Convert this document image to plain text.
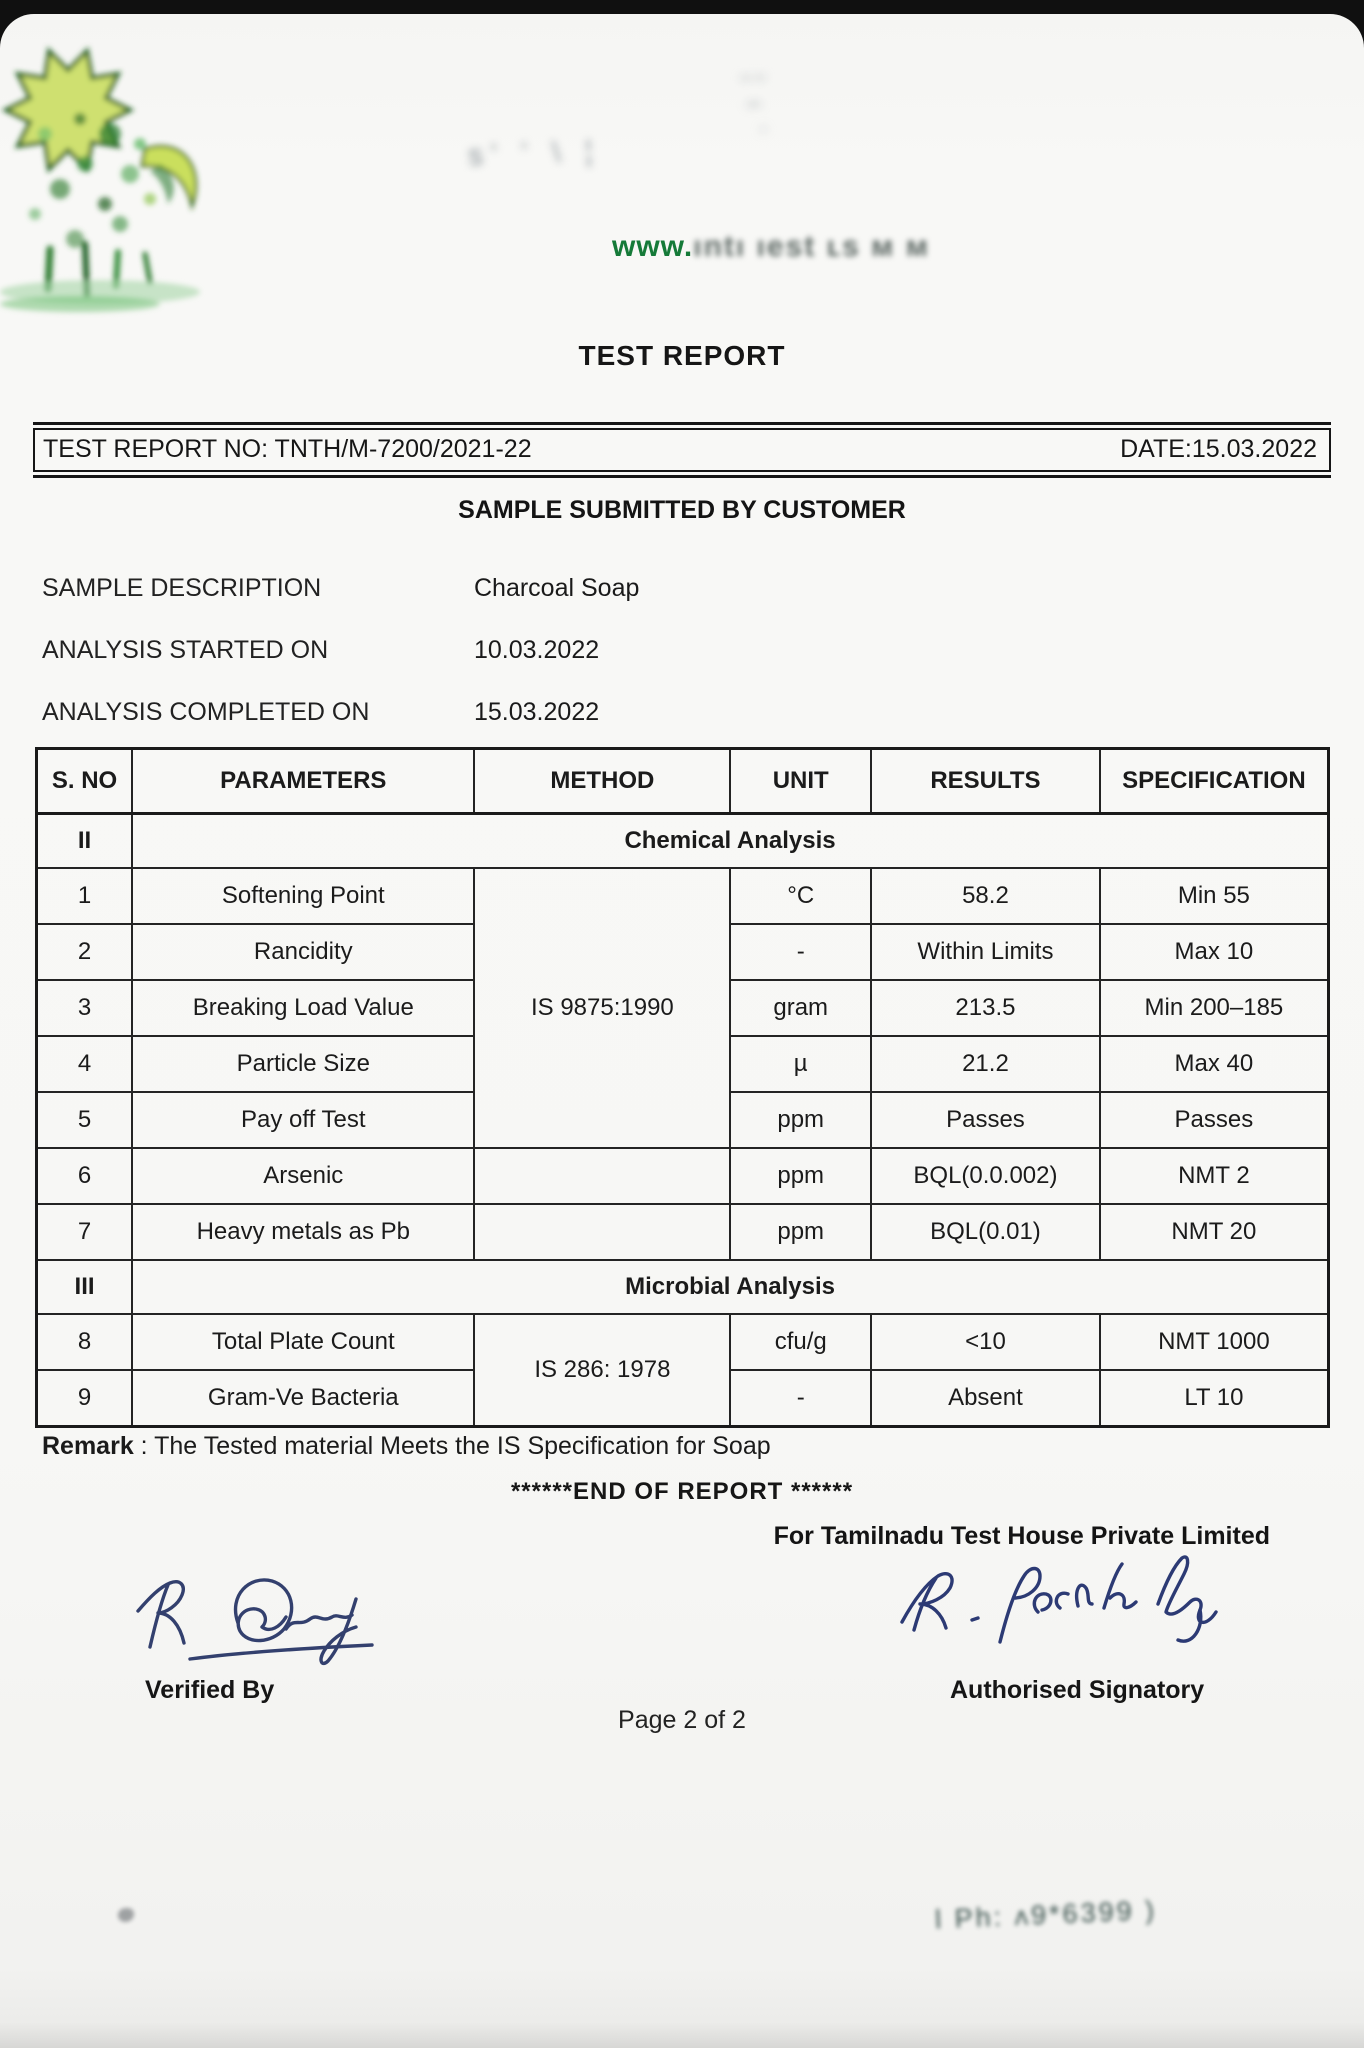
s' ʻ \ ¦
¦ ı ʻ
www.ıntı ıest ʟs ᴍ ᴍ
TEST REPORT
TEST REPORT NO: TNTH/M-7200/2021-22	DATE:15.03.2022
SAMPLE SUBMITTED BY CUSTOMER
SAMPLE DESCRIPTION	Charcoal Soap
ANALYSIS STARTED ON	10.03.2022
ANALYSIS COMPLETED ON	15.03.2022
S. NO	PARAMETERS	METHOD	UNIT	RESULTS	SPECIFICATION
II	Chemical Analysis				
1	Softening Point	IS 9875:1990	°C	58.2	Min 55
2	Rancidity		-	Within Limits	Max 10
3	Breaking Load Value		gram	213.5	Min 200–185
4	Particle Size		µ	21.2	Max 40
5	Pay off Test		ppm	Passes	Passes
6	Arsenic		ppm	BQL(0.0.002)	NMT 2
7	Heavy metals as Pb		ppm	BQL(0.01)	NMT 20
III	Microbial Analysis				
8	Total Plate Count	IS 286: 1978	cfu/g	<10	NMT 1000
9	Gram-Ve Bacteria		-	Absent	LT 10
Remark : The Tested material Meets the IS Specification for Soap
******END OF REPORT ******
For Tamilnadu Test House Private Limited
Verified By	Authorised Signatory
Page 2 of 2
l Ph: ʌ9*6399 )
